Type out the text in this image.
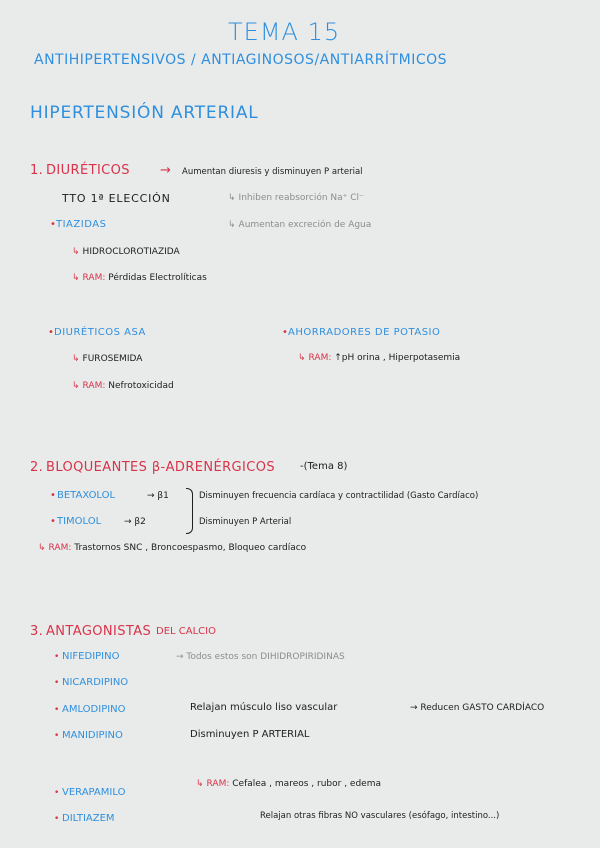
TEMA 15
ANTIHIPERTENSIVOS / ANTIAGINOSOS/ANTIARRÍTMICOS
HIPERTENSIÓN ARTERIAL
1. DIURÉTICOS → Aumentan diuresis y disminuyen P arterial
TTO 1ª ELECCIÓN	↳ Inhiben reabsorción Na⁺ Cl⁻
• TIAZIDAS	↳ Aumentan excreción de Agua
↳ HIDROCLOROTIAZIDA
↳ RAM: Pérdidas Electrolíticas
• DIURÉTICOS ASA
↳ FUROSEMIDA
↳ RAM: Nefrotoxicidad
• AHORRADORES DE POTASIO
↳ RAM: ↑pH orina , Hiperpotasemia
2. BLOQUEANTES β-ADRENÉRGICOS -(Tema 8)
• BETAXOLOL	→ β1
• TIMOLOL	→ β2
Disminuyen frecuencia cardíaca y contractilidad (Gasto Cardíaco)
Disminuyen P Arterial
↳ RAM: Trastornos SNC , Broncoespasmo, Bloqueo cardíaco
3. ANTAGONISTAS DEL CALCIO
• NIFEDIPINO	→ Todos estos son DIHIDROPIRIDINAS
• NICARDIPINO
• AMLODIPINO
• MANIDIPINO
Relajan músculo liso vascular	→ Reducen GASTO CARDÍACO
Disminuyen P ARTERIAL
• VERAPAMILO
• DILTIAZEM
↳ RAM: Cefalea , mareos , rubor , edema
Relajan otras fibras NO vasculares (esófago, intestino...)
